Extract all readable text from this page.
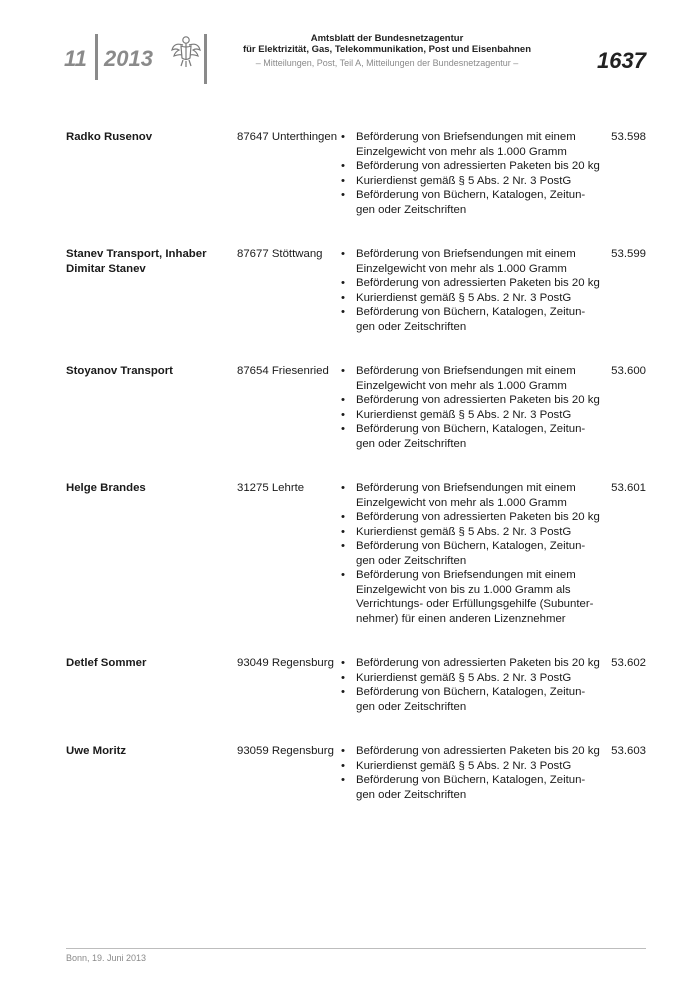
11 2013
Amtsblatt der Bundesnetzagentur
für Elektrizität, Gas, Telekommunikation, Post und Eisenbahnen
– Mitteilungen, Post, Teil A, Mitteilungen der Bundesnetzagentur –	1637
Radko Rusenov	87647 Unterthingen	53.598
• Beförderung von Briefsendungen mit einem Einzelgewicht von mehr als 1.000 Gramm
• Beförderung von adressierten Paketen bis 20 kg
• Kurierdienst gemäß § 5 Abs. 2 Nr. 3 PostG
• Beförderung von Büchern, Katalogen, Zeitun-gen oder Zeitschriften
Stanev Transport, Inhaber Dimitar Stanev
87677 Stöttwang	53.599
• Beförderung von Briefsendungen mit einem Einzelgewicht von mehr als 1.000 Gramm
• Beförderung von adressierten Paketen bis 20 kg
• Kurierdienst gemäß § 5 Abs. 2 Nr. 3 PostG
• Beförderung von Büchern, Katalogen, Zeitun-gen oder Zeitschriften
Stoyanov Transport	87654 Friesenried	53.600
• Beförderung von Briefsendungen mit einem Einzelgewicht von mehr als 1.000 Gramm
• Beförderung von adressierten Paketen bis 20 kg
• Kurierdienst gemäß § 5 Abs. 2 Nr. 3 PostG
• Beförderung von Büchern, Katalogen, Zeitun-gen oder Zeitschriften
Helge Brandes	31275 Lehrte	53.601
• Beförderung von Briefsendungen mit einem Einzelgewicht von mehr als 1.000 Gramm
• Beförderung von adressierten Paketen bis 20 kg
• Kurierdienst gemäß § 5 Abs. 2 Nr. 3 PostG
• Beförderung von Büchern, Katalogen, Zeitun-gen oder Zeitschriften
• Beförderung von Briefsendungen mit einem Einzelgewicht von bis zu 1.000 Gramm als Verrichtungs- oder Erfüllungsgehilfe (Subunter-nehmer) für einen anderen Lizenznehmer
Detlef Sommer	93049 Regensburg	53.602
• Beförderung von adressierten Paketen bis 20 kg
• Kurierdienst gemäß § 5 Abs. 2 Nr. 3 PostG
• Beförderung von Büchern, Katalogen, Zeitun-gen oder Zeitschriften
Uwe Moritz	93059 Regensburg	53.603
• Beförderung von adressierten Paketen bis 20 kg
• Kurierdienst gemäß § 5 Abs. 2 Nr. 3 PostG
• Beförderung von Büchern, Katalogen, Zeitun-gen oder Zeitschriften
Bonn, 19. Juni 2013
